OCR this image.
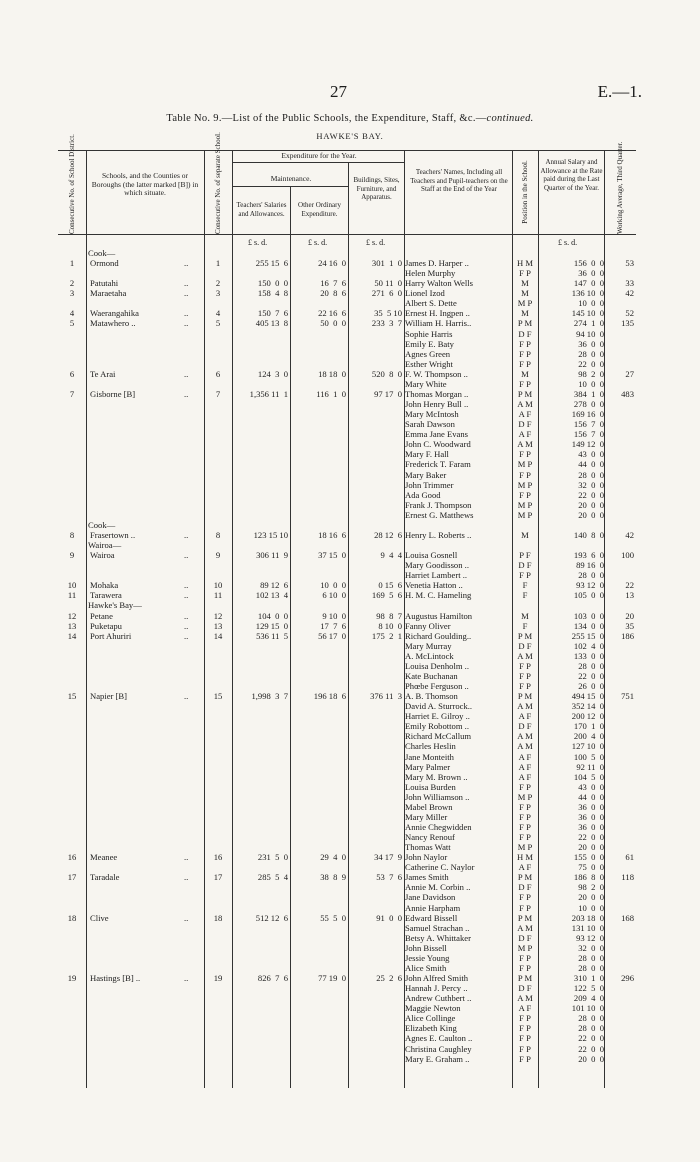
27	E.—1.
Table No. 9.—List of the Public Schools, the Expenditure, Staff, &c.—continued.
HAWKE'S BAY.
Consecutive No. of School District.	Schools, and the Counties or Boroughs (the latter marked [B]) in which situate.	Consecutive No. of separate School.	Expenditure for the Year.
Maintenance.
Teachers' Salaries and Allowances.
Other Ordinary Expenditure.
Buildings, Sites, Furniture, and Apparatus.
Teachers' Names, Including all Teachers and Pupil-teachers on the Staff at the End of the Year	Position in the School.	Annual Salary and Allowance at the Rate paid during the Last Quarter of the Year.	Working Average, Third Quarter.
£ s. d.	£ s. d.	£ s. d.	£ s. d.
Cook—
1	Ormond	..	1	255 15  6	24 16  0	301  1  0 James D. Harper ..	H M	156  0  0	53
Helen Murphy	F P	36  0  0
2	Patutahi	..	2	150  0  0	16  7  6	50 11  0 Harry Walton Wells	M	147  0  0	33
3	Maraetaha	..	3	158  4  8	20  8  6	271  6  0 Lionel Izod	M	136 10  0	42
Albert S. Dette	M P	10  0  0
4	Waerangahika	..	4	150  7  6	22 16  6	35  5 10 Ernest H. Ingpen ..	M	145 10  0	52
5	Matawhero ..	..	5	405 13  8	50  0  0	233  3  7 William H. Harris..	P M	274  1  0	135
Sophie Harris	D F	94 10  0
Emily E. Baty	F P	36  0  0
Agnes Green	F P	28  0  0
Esther Wright	F P	22  0  0
6	Te Arai	..	6	124  3  0	18 18  0	520  8  0 F. W. Thompson ..	M	98  2  0	27
Mary White	F P	10  0  0
7	Gisborne [B]	..	7	1,356 11  1	116  1  0	97 17  0 Thomas Morgan ..	P M	384  1  0	483
John Henry Bull ..	A M	278  0  0
Mary McIntosh	A F	169 16  0
Sarah Dawson	D F	156  7  0
Emma Jane Evans	A F	156  7  0
John C. Woodward	A M	149 12  0
Mary F. Hall	F P	43  0  0
Frederick T. Faram	M P	44  0  0
Mary Baker	F P	28  0  0
John Trimmer	M P	32  0  0
Ada Good	F P	22  0  0
Frank J. Thompson	M P	20  0  0
Ernest G. Matthews	M P	20  0  0
Cook—
8	Frasertown ..	..	8	123 15 10	18 16  6	28 12  6 Henry L. Roberts ..	M	140  8  0	42
Wairoa—
9	Wairoa	..	9	306 11  9	37 15  0	9  4  4 Louisa Gosnell	P F	193  6  0	100
Mary Goodisson ..	D F	89 16  0
Harriet Lambert ..	F P	28  0  0
10	Mohaka	..	10	89 12  6	10  0  0	0 15  6 Venetia Hatton ..	F	93 12  0	22
11	Tarawera	..	11	102 13  4	6 10  0	169  5  6 H. M. C. Hameling	F	105  0  0	13
Hawke's Bay—
12	Petane	..	12	104  0  0	9 10  0	98  8  7 Augustus Hamilton	M	103  0  0	20
13	Puketapu	..	13	129 15  0	17  7  6	8 10  0 Fanny Oliver	F	134  0  0	35
14	Port Ahuriri	..	14	536 11  5	56 17  0	175  2  1 Richard Goulding..	P M	255 15  0	186
Mary Murray	D F	102  4  0
A. McLintock	A M	133  0  0
Louisa Denholm ..	F P	28  0  0
Kate Buchanan	F P	22  0  0
Phœbe Ferguson ..	F P	26  0  0
15	Napier [B]	..	15	1,998  3  7	196 18  6	376 11  3 A. B. Thomson	P M	494 15  0	751
David A. Sturrock..	A M	352 14  0
Harriet E. Gilroy ..	A F	200 12  0
Emily Robottom ..	D F	170  1  0
Richard McCallum	A M	200  4  0
Charles Heslin	A M	127 10  0
Jane Monteith	A F	100  5  0
Mary Palmer	A F	92 11  0
Mary M. Brown ..	A F	104  5  0
Louisa Burden	F P	43  0  0
John Williamson ..	M P	44  0  0
Mabel Brown	F P	36  0  0
Mary Miller	F P	36  0  0
Annie Chegwidden	F P	36  0  0
Nancy Renouf	F P	22  0  0
Thomas Watt	M P	20  0  0
16	Meanee	..	16	231  5  0	29  4  0	34 17  9 John Naylor	H M	155  0  0	61
Catherine C. Naylor	A F	75  0  0
17	Taradale	..	17	285  5  4	38  8  9	53  7  6 James Smith	P M	186  8  0	118
Annie M. Corbin ..	D F	98  2  0
Jane Davidson	F P	20  0  0
Annie Harpham	F P	10  0  0
18	Clive	..	18	512 12  6	55  5  0	91  0  0 Edward Bissell	P M	203 18  0	168
Samuel Strachan ..	A M	131 10  0
Betsy A. Whittaker	D F	93 12  0
John Bissell	M P	32  0  0
Jessie Young	F P	28  0  0
Alice Smith	F P	28  0  0
19	Hastings [B] ..	..	19	826  7  6	77 19  0	25  2  6 John Alfred Smith	P M	310  1  0	296
Hannah J. Percy ..	D F	122  5  0
Andrew Cuthbert ..	A M	209  4  0
Maggie Newton	A F	101 10  0
Alice Collinge	F P	28  0  0
Elizabeth King	F P	28  0  0
Agnes E. Caulton ..	F P	22  0  0
Christina Caughley	F P	22  0  0
Mary E. Graham ..	F P	20  0  0
